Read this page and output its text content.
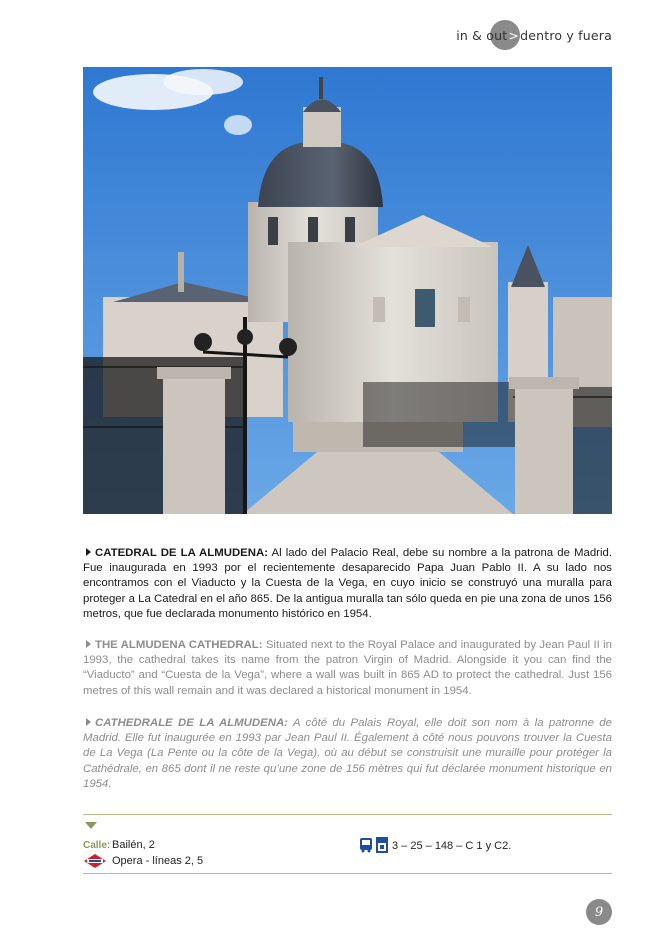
in & out > dentro y fuera

CATEDRAL DE LA ALMUDENA: Al lado del Palacio Real, debe su nombre a la patrona de Madrid. Fue inaugurada en 1993 por el recientemente desaparecido Papa Juan Pablo II. A su lado nos encontramos con el Viaducto y la Cuesta de la Vega, en cuyo inicio se construyó una muralla para proteger a La Catedral en el año 865. De la antigua muralla tan sólo queda en pie una zona de unos 156 metros, que fue declarada monumento histórico en 1954.

THE ALMUDENA CATHEDRAL: Situated next to the Royal Palace and inaugurated by Jean Paul II in 1993, the cathedral takes its name from the patron Virgin of Madrid. Alongside it you can find the “Viaducto” and “Cuesta de la Vega”, where a wall was built in 865 AD to protect the cathedral. Just 156 metres of this wall remain and it was declared a historical monument in 1954.

CATHEDRALE DE LA ALMUDENA: A côté du Palais Royal, elle doit son nom à la patronne de Madrid. Elle fut inaugurée en 1993 par Jean Paul II. Également à côté nous pouvons trouver la Cuesta de La Vega (La Pente ou la côte de la Vega), où au début se construisit une muraille pour protéger la Cathédrale, en 865 dont il ne reste qu’une zone de 156 mètres qui fut déclarée monument historique en 1954.

Calle: Bailén, 2
Opera - líneas 2, 5
3 – 25 – 148 – C 1 y C2.
9
